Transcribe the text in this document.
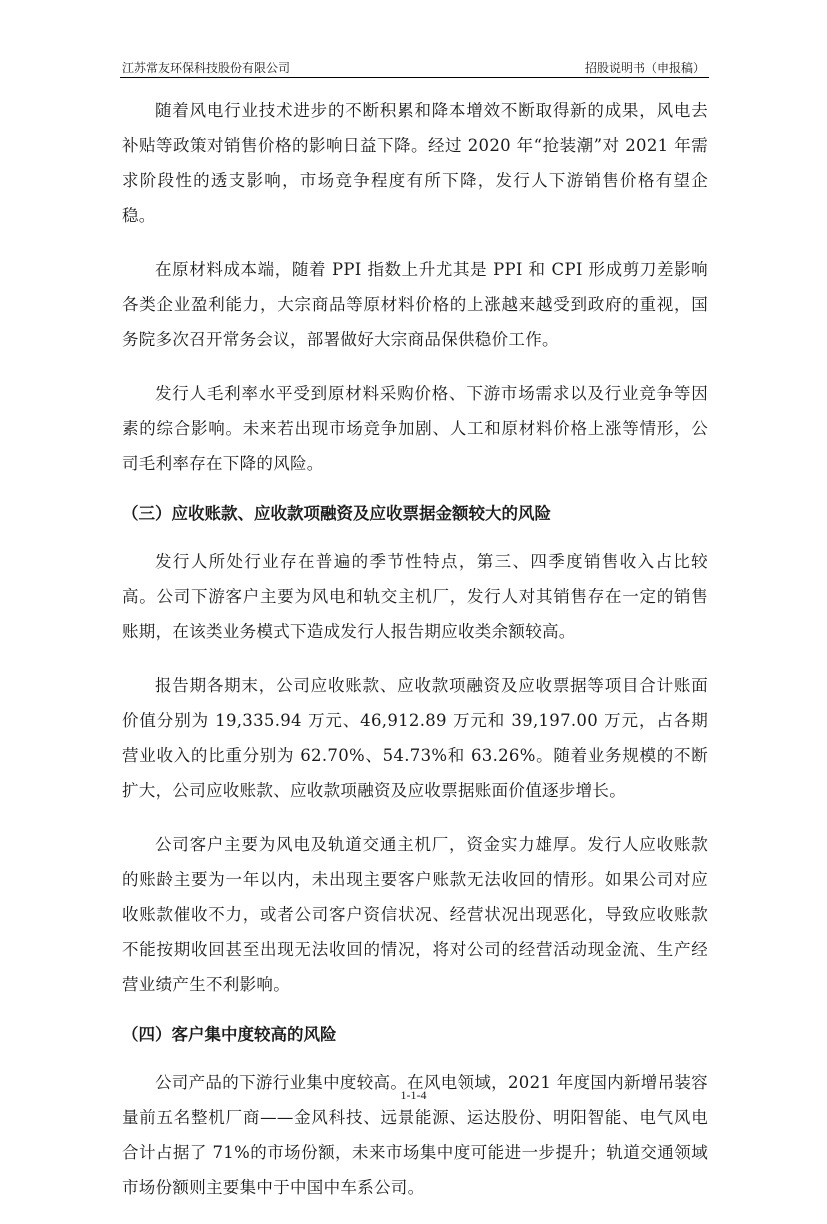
江苏常友环保科技股份有限公司	招股说明书（申报稿）

随着风电行业技术进步的不断积累和降本增效不断取得新的成果，风电去补贴等政策对销售价格的影响日益下降。经过 2020 年“抢装潮”对 2021 年需求阶段性的透支影响，市场竞争程度有所下降，发行人下游销售价格有望企稳。

在原材料成本端，随着 PPI 指数上升尤其是 PPI 和 CPI 形成剪刀差影响各类企业盈利能力，大宗商品等原材料价格的上涨越来越受到政府的重视，国务院多次召开常务会议，部署做好大宗商品保供稳价工作。

发行人毛利率水平受到原材料采购价格、下游市场需求以及行业竞争等因素的综合影响。未来若出现市场竞争加剧、人工和原材料价格上涨等情形，公司毛利率存在下降的风险。

（三）应收账款、应收款项融资及应收票据金额较大的风险

发行人所处行业存在普遍的季节性特点，第三、四季度销售收入占比较高。公司下游客户主要为风电和轨交主机厂，发行人对其销售存在一定的销售账期，在该类业务模式下造成发行人报告期应收类余额较高。

报告期各期末，公司应收账款、应收款项融资及应收票据等项目合计账面价值分别为 19,335.94 万元、46,912.89 万元和 39,197.00 万元，占各期营业收入的比重分别为 62.70%、54.73%和 63.26%。随着业务规模的不断扩大，公司应收账款、应收款项融资及应收票据账面价值逐步增长。

公司客户主要为风电及轨道交通主机厂，资金实力雄厚。发行人应收账款的账龄主要为一年以内，未出现主要客户账款无法收回的情形。如果公司对应收账款催收不力，或者公司客户资信状况、经营状况出现恶化，导致应收账款不能按期收回甚至出现无法收回的情况，将对公司的经营活动现金流、生产经营业绩产生不利影响。

（四）客户集中度较高的风险

公司产品的下游行业集中度较高。在风电领域，2021 年度国内新增吊装容量前五名整机厂商——金风科技、远景能源、运达股份、明阳智能、电气风电合计占据了 71%的市场份额，未来市场集中度可能进一步提升；轨道交通领域市场份额则主要集中于中国中车系公司。

1-1-4
